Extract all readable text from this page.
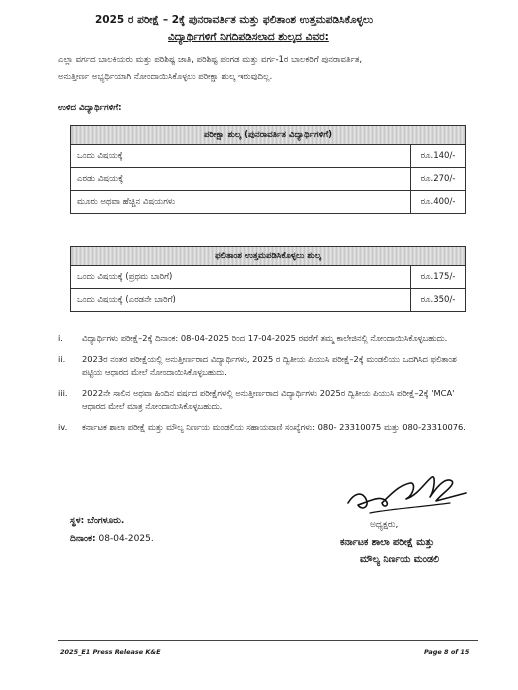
2025 ರ ಪರೀಕ್ಷೆ – 2ಕ್ಕೆ ಪುನರಾವರ್ತಿತ ಮತ್ತು ಫಲಿತಾಂಶ ಉತ್ತಮಪಡಿಸಿಕೊಳ್ಳಲು
ವಿದ್ಯಾರ್ಥಿಗಳಿಗೆ ನಿಗದಿಪಡಿಸಲಾದ ಶುಲ್ಕದ ವಿವರ:

ಎಲ್ಲಾ ವರ್ಗದ ಬಾಲಕಿಯರು ಮತ್ತು ಪರಿಶಿಷ್ಟ ಜಾತಿ, ಪರಿಶಿಷ್ಟ ಪಂಗಡ ಮತ್ತು ವರ್ಗ-1ರ ಬಾಲಕರಿಗೆ ಪುನರಾವರ್ತಿತ,

ಅನುತ್ತೀರ್ಣ ಅಭ್ಯರ್ಥಿಯಾಗಿ ನೋಂದಾಯಿಸಿಕೊಳ್ಳಲು ಪರೀಕ್ಷಾ ಶುಲ್ಕ ಇರುವುದಿಲ್ಲ.

ಉಳಿದ ವಿದ್ಯಾರ್ಥಿಗಳಿಗೆ:
ಪರೀಕ್ಷಾ ಶುಲ್ಕ (ಪುನರಾವರ್ತಿತ ವಿದ್ಯಾರ್ಥಿಗಳಿಗೆ)	
ಒಂದು ವಿಷಯಕ್ಕೆ	ರೂ.140/-
ಎರಡು ವಿಷಯಕ್ಕೆ	ರೂ.270/-
ಮೂರು ಅಥವಾ ಹೆಚ್ಚಿನ ವಿಷಯಗಳು	ರೂ.400/-
ಫಲಿತಾಂಶ ಉತ್ತಮಪಡಿಸಿಕೊಳ್ಳಲು ಶುಲ್ಕ	
ಒಂದು ವಿಷಯಕ್ಕೆ (ಪ್ರಥಮ ಬಾರಿಗೆ)	ರೂ.175/-
ಒಂದು ವಿಷಯಕ್ಕೆ (ಎರಡನೇ ಬಾರಿಗೆ)	ರೂ.350/-
i.	ವಿದ್ಯಾರ್ಥಿಗಳು ಪರೀಕ್ಷೆ–2ಕ್ಕೆ ದಿನಾಂಕ: 08-04-2025 ರಿಂದ 17-04-2025 ರವರೆಗೆ ತಮ್ಮ ಕಾಲೇಜಿನಲ್ಲಿ ನೋಂದಾಯಿಸಿಕೊಳ್ಳಬಹುದು.
ii.	2023ರ ನಂತರ ಪರೀಕ್ಷೆಯಲ್ಲಿ ಅನುತ್ತೀರ್ಣರಾದ ವಿದ್ಯಾರ್ಥಿಗಳು, 2025 ರ ದ್ವಿತೀಯ ಪಿಯುಸಿ ಪರೀಕ್ಷೆ–2ಕ್ಕೆ ಮಂಡಲಿಯು ಒದಗಿಸಿದ ಫಲಿತಾಂಶ ಪಟ್ಟಿಯ ಆಧಾರದ ಮೇಲೆ ನೋಂದಾಯಿಸಿಕೊಳ್ಳಬಹುದು.
iii.	2022ನೇ ಸಾಲಿನ ಅಥವಾ ಹಿಂದಿನ ವರ್ಷದ ಪರೀಕ್ಷೆಗಳಲ್ಲಿ ಅನುತ್ತೀರ್ಣರಾದ ವಿದ್ಯಾರ್ಥಿಗಳು 2025ರ ದ್ವಿತೀಯ ಪಿಯುಸಿ ಪರೀಕ್ಷೆ–2ಕ್ಕೆ 'MCA' ಆಧಾರದ ಮೇಲೆ ಮಾತ್ರ ನೋಂದಾಯಿಸಿಕೊಳ್ಳಬಹುದು.
iv.	ಕರ್ನಾಟಕ ಶಾಲಾ ಪರೀಕ್ಷೆ ಮತ್ತು ಮೌಲ್ಯ ನಿರ್ಣಯ ಮಂಡಲಿಯ ಸಹಾಯವಾಣಿ ಸಂಖ್ಯೆಗಳು: 080- 23310075 ಮತ್ತು 080-23310076.
ಅಧ್ಯಕ್ಷರು,
ಕರ್ನಾಟಕ ಶಾಲಾ ಪರೀಕ್ಷೆ ಮತ್ತು
ಮೌಲ್ಯ ನಿರ್ಣಯ ಮಂಡಲಿ
ಸ್ಥಳ: ಬೆಂಗಳೂರು.
ದಿನಾಂಕ: 08-04-2025.
2025_E1 Press Release K&E	Page 8 of 15
